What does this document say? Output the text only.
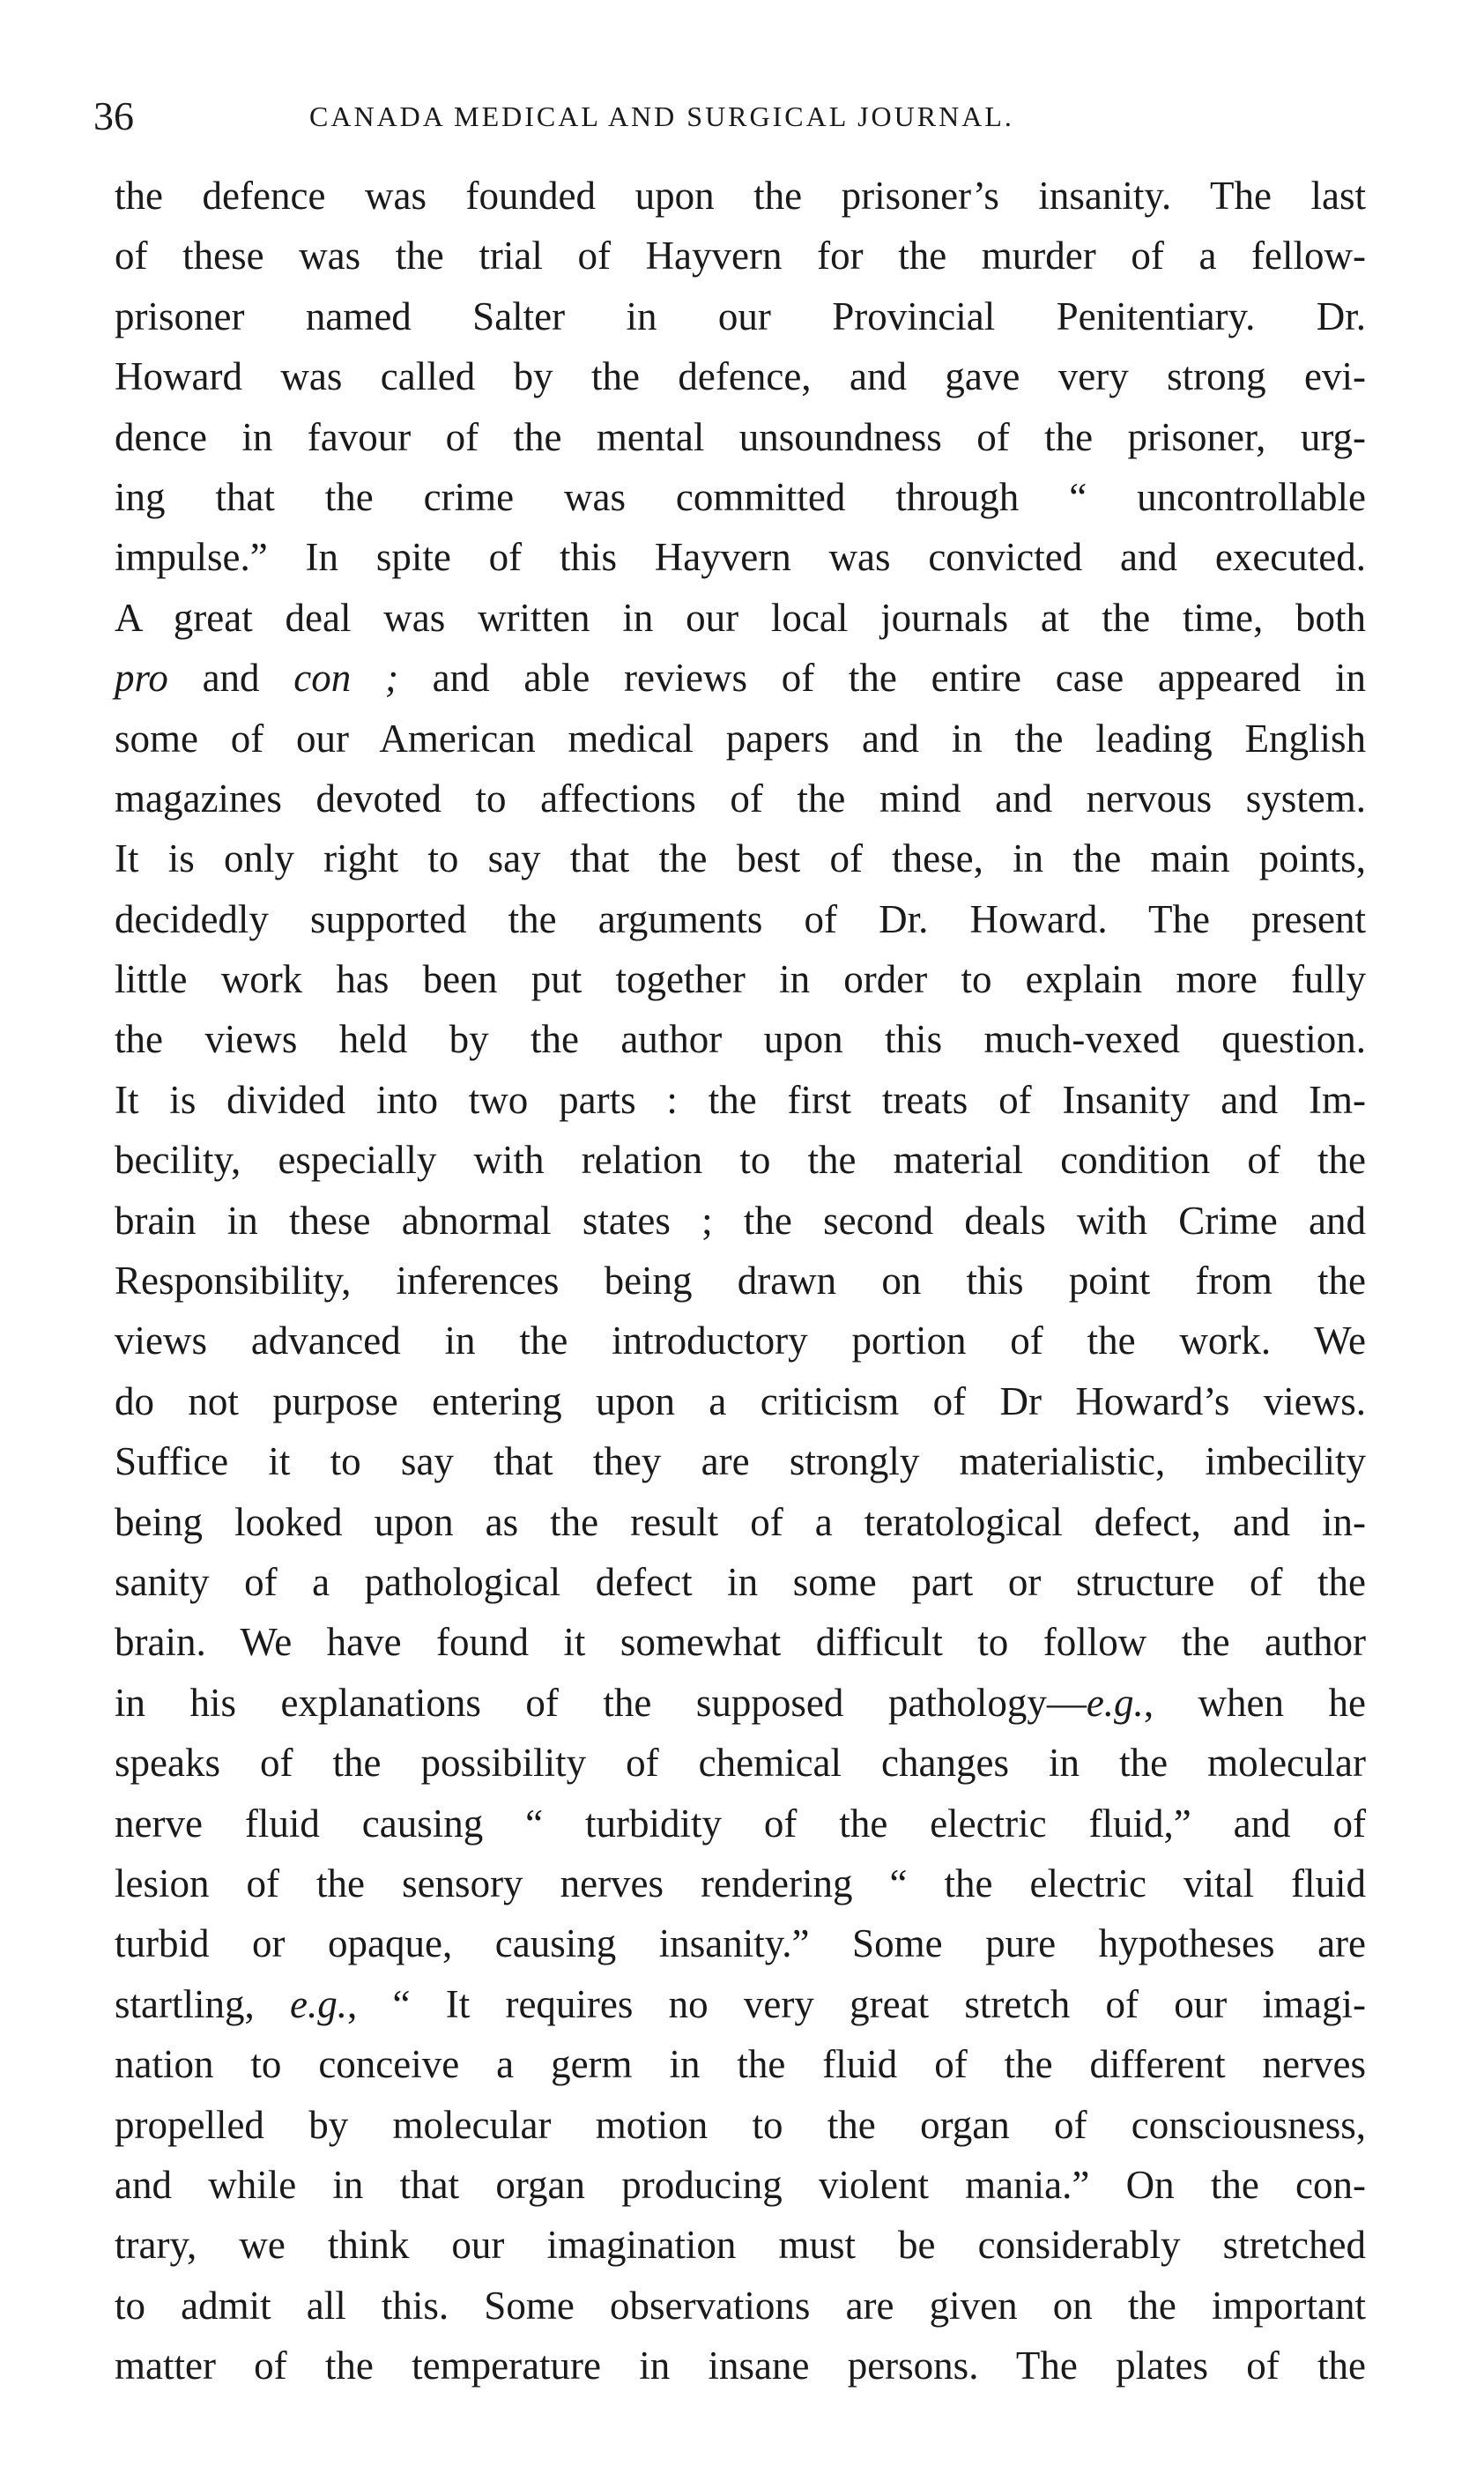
36	CANADA MEDICAL AND SURGICAL JOURNAL.
the defence was founded upon the prisoner’s insanity. The last
of these was the trial of Hayvern for the murder of a fellow-
prisoner named Salter in our Provincial Penitentiary. Dr.
Howard was called by the defence, and gave very strong evi-
dence in favour of the mental unsoundness of the prisoner, urg-
ing that the crime was committed through “ uncontrollable
impulse.” In spite of this Hayvern was convicted and executed.
A great deal was written in our local journals at the time, both
pro and con ; and able reviews of the entire case appeared in
some of our American medical papers and in the leading English
magazines devoted to affections of the mind and nervous system.
It is only right to say that the best of these, in the main points,
decidedly supported the arguments of Dr. Howard. The present
little work has been put together in order to explain more fully
the views held by the author upon this much-vexed question.
It is divided into two parts : the first treats of Insanity and Im-
becility, especially with relation to the material condition of the
brain in these abnormal states ; the second deals with Crime and
Responsibility, inferences being drawn on this point from the
views advanced in the introductory portion of the work. We
do not purpose entering upon a criticism of Dr Howard’s views.
Suffice it to say that they are strongly materialistic, imbecility
being looked upon as the result of a teratological defect, and in-
sanity of a pathological defect in some part or structure of the
brain. We have found it somewhat difficult to follow the author
in his explanations of the supposed pathology—e.g., when he
speaks of the possibility of chemical changes in the molecular
nerve fluid causing “ turbidity of the electric fluid,” and of
lesion of the sensory nerves rendering “ the electric vital fluid
turbid or opaque, causing insanity.” Some pure hypotheses are
startling, e.g., “ It requires no very great stretch of our imagi-
nation to conceive a germ in the fluid of the different nerves
propelled by molecular motion to the organ of consciousness,
and while in that organ producing violent mania.” On the con-
trary, we think our imagination must be considerably stretched
to admit all this. Some observations are given on the important
matter of the temperature in insane persons. The plates of the
